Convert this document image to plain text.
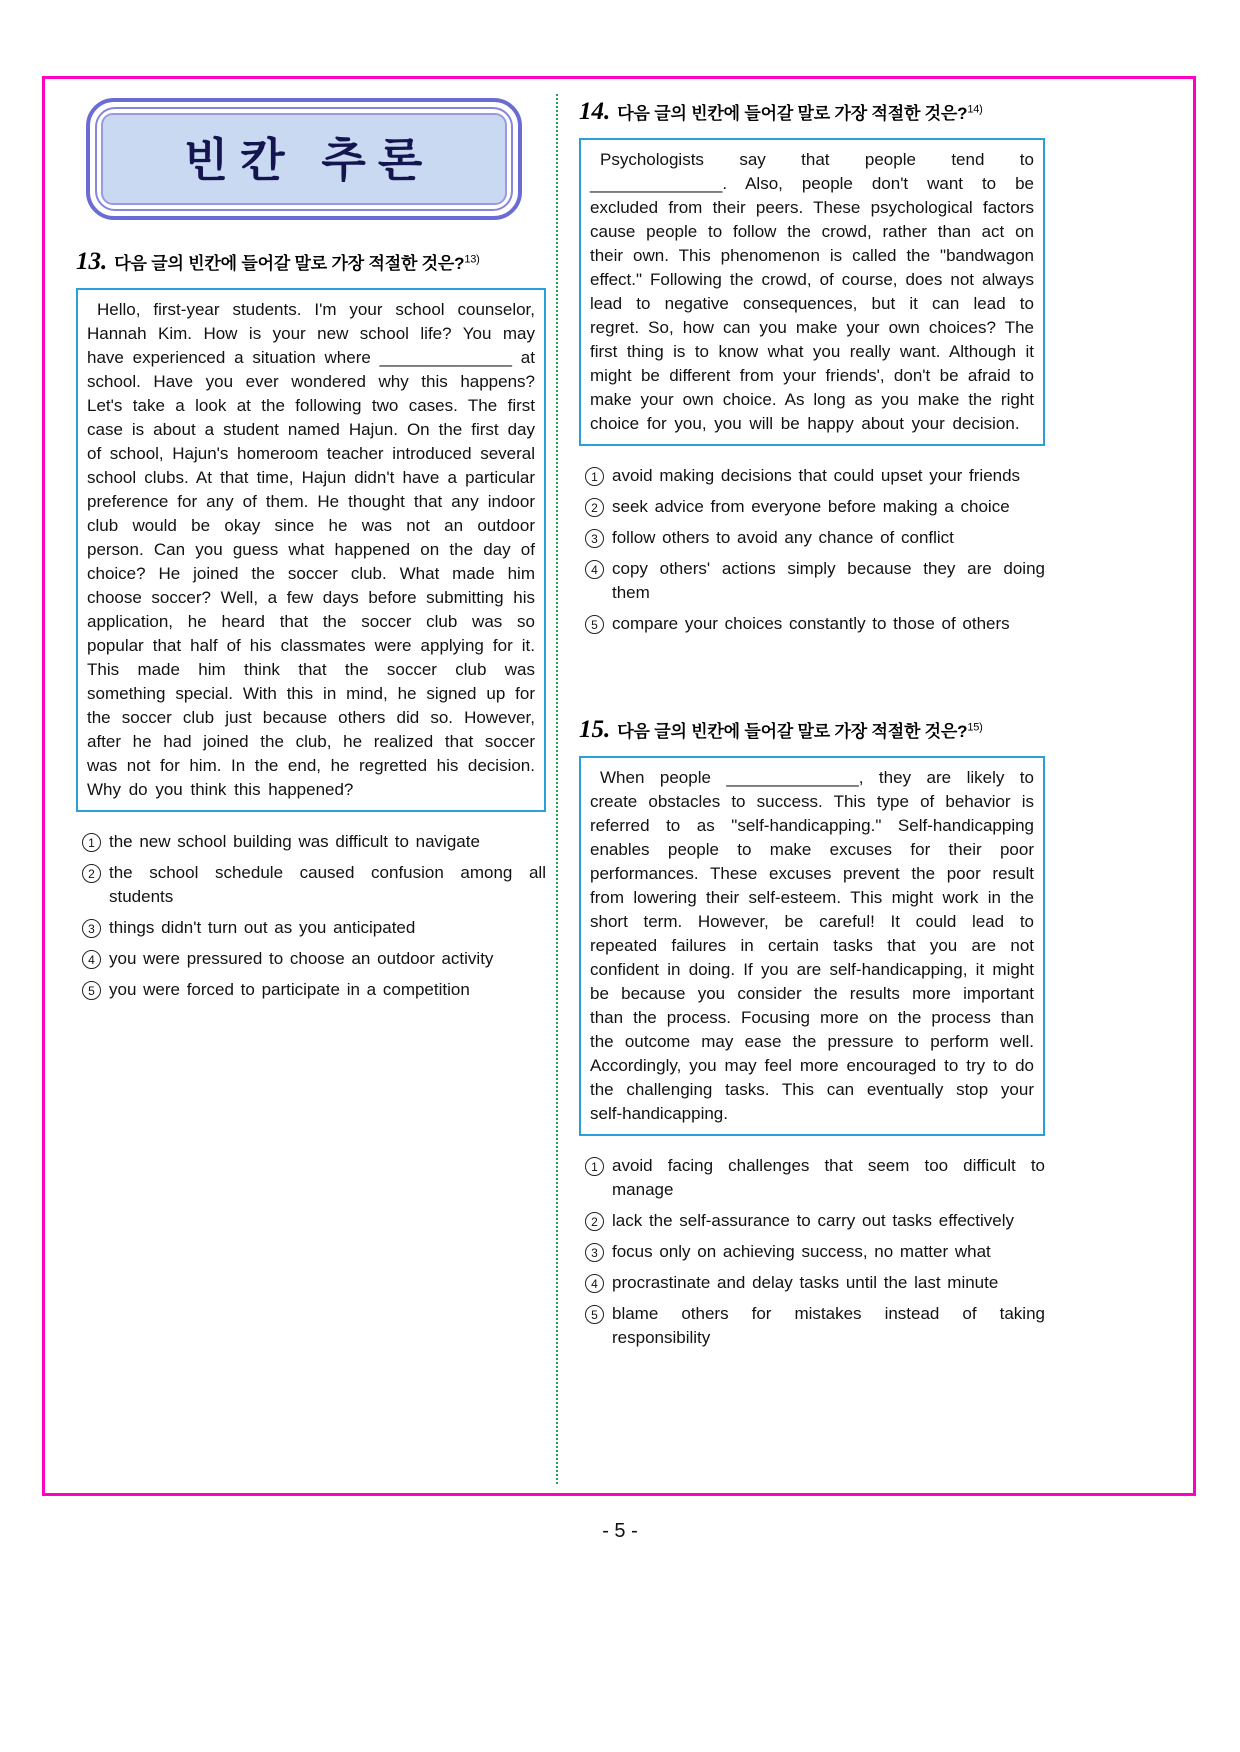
빈칸 추론
13. 다음 글의 빈칸에 들어갈 말로 가장 적절한 것은?$^{13)}$
Hello, first-year students. I'm your school counselor, Hannah Kim. How is your new school life? You may have experienced a situation where ______________ at school. Have you ever wondered why this happens? Let's take a look at the following two cases. The first case is about a student named Hajun. On the first day of school, Hajun's homeroom teacher introduced several school clubs. At that time, Hajun didn't have a particular preference for any of them. He thought that any indoor club would be okay since he was not an outdoor person. Can you guess what happened on the day of choice? He joined the soccer club. What made him choose soccer? Well, a few days before submitting his application, he heard that the soccer club was so popular that half of his classmates were applying for it. This made him think that the soccer club was something special. With this in mind, he signed up for the soccer club just because others did so. However, after he had joined the club, he realized that soccer was not for him. In the end, he regretted his decision. Why do you think this happened?
1 the new school building was difficult to navigate
2 the school schedule caused confusion among all students
3 things didn't turn out as you anticipated
4 you were pressured to choose an outdoor activity
5 you were forced to participate in a competition
14. 다음 글의 빈칸에 들어갈 말로 가장 적절한 것은?$^{14)}$
Psychologists say that people tend to ______________. Also, people don't want to be excluded from their peers. These psychological factors cause people to follow the crowd, rather than act on their own. This phenomenon is called the "bandwagon effect." Following the crowd, of course, does not always lead to negative consequences, but it can lead to regret. So, how can you make your own choices? The first thing is to know what you really want. Although it might be different from your friends', don't be afraid to make your own choice. As long as you make the right choice for you, you will be happy about your decision.
1 avoid making decisions that could upset your friends
2 seek advice from everyone before making a choice
3 follow others to avoid any chance of conflict
4 copy others' actions simply because they are doing them
5 compare your choices constantly to those of others
15. 다음 글의 빈칸에 들어갈 말로 가장 적절한 것은?$^{15)}$
When people ______________, they are likely to create obstacles to success. This type of behavior is referred to as "self-handicapping." Self-handicapping enables people to make excuses for their poor performances. These excuses prevent the poor result from lowering their self-esteem. This might work in the short term. However, be careful! It could lead to repeated failures in certain tasks that you are not confident in doing. If you are self-handicapping, it might be because you consider the results more important than the process. Focusing more on the process than the outcome may ease the pressure to perform well. Accordingly, you may feel more encouraged to try to do the challenging tasks. This can eventually stop your self-handicapping.
1 avoid facing challenges that seem too difficult to manage
2 lack the self-assurance to carry out tasks effectively
3 focus only on achieving success, no matter what
4 procrastinate and delay tasks until the last minute
5 blame others for mistakes instead of taking responsibility
- 5 -
